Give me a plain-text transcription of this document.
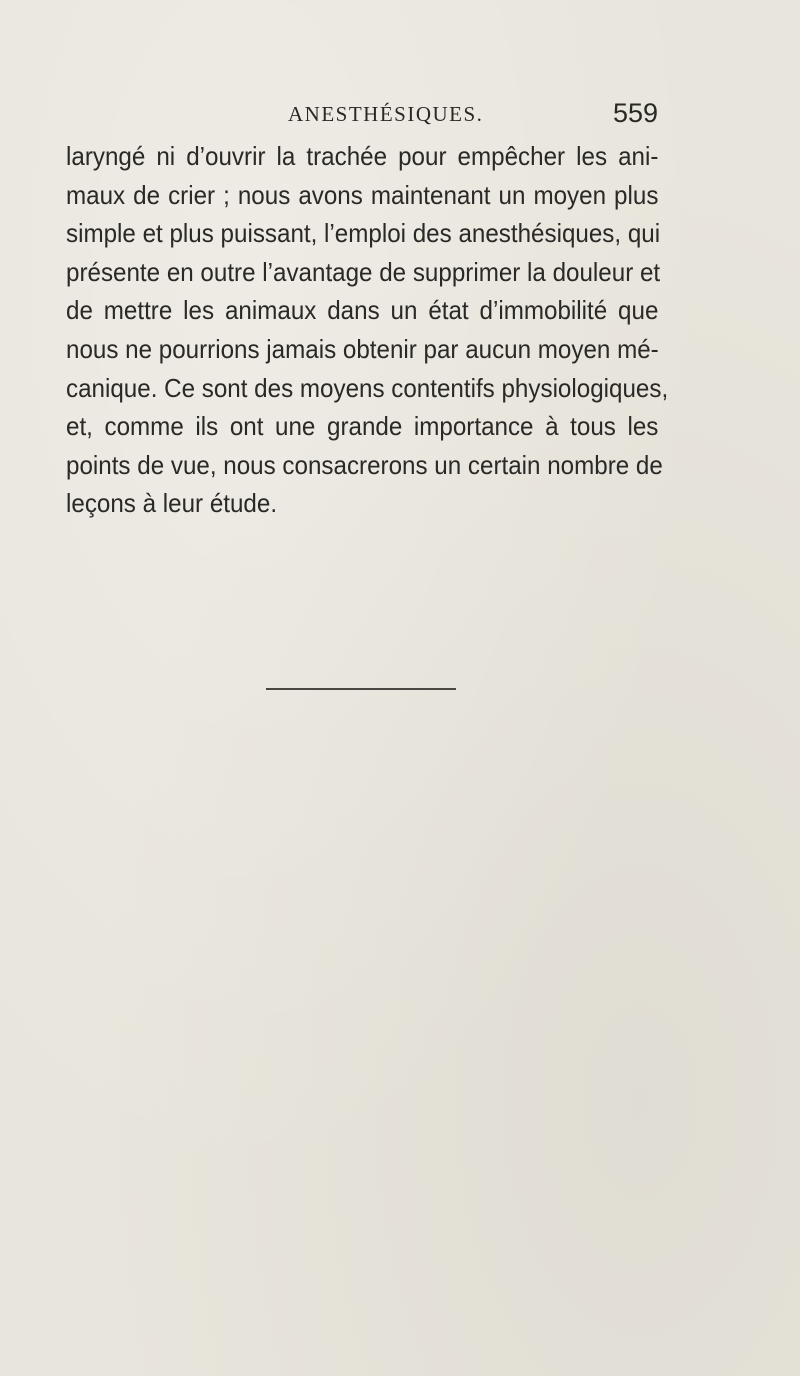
ANESTHÉSIQUES.	559
laryngé ni d’ouvrir la trachée pour empêcher les ani-
maux de crier ; nous avons maintenant un moyen plus
simple et plus puissant, l’emploi des anesthésiques, qui
présente en outre l’avantage de supprimer la douleur et
de mettre les animaux dans un état d’immobilité que
nous ne pourrions jamais obtenir par aucun moyen mé-
canique. Ce sont des moyens contentifs physiologiques,
et, comme ils ont une grande importance à tous les
points de vue, nous consacrerons un certain nombre de
leçons à leur étude.
